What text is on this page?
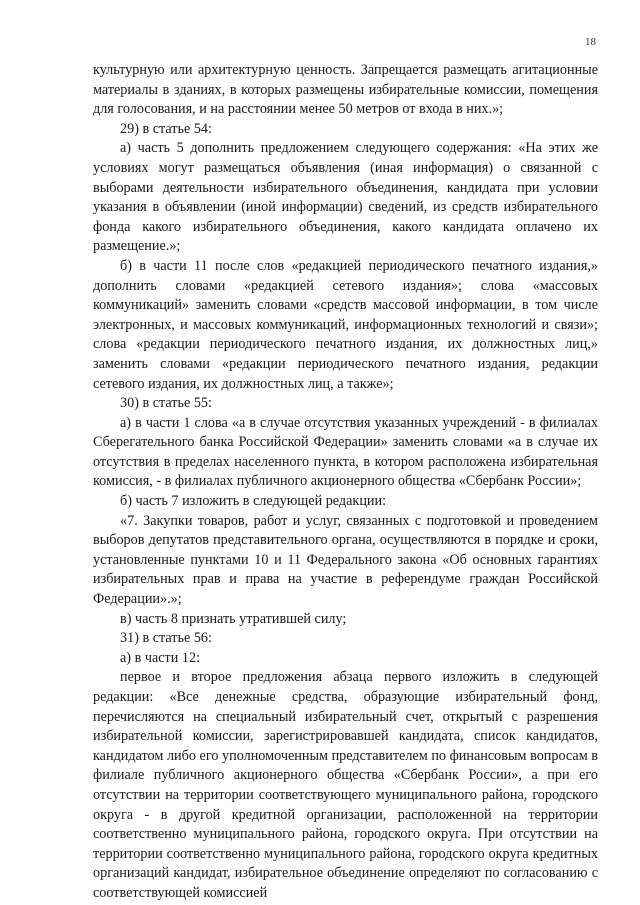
18

культурную или архитектурную ценность. Запрещается размещать агитационные материалы в зданиях, в которых размещены избирательные комиссии, помещения для голосования, и на расстоянии менее 50 метров от входа в них.»;

29) в статье 54:

а) часть 5 дополнить предложением следующего содержания: «На этих же условиях могут размещаться объявления (иная информация) о связанной с выборами деятельности избирательного объединения, кандидата при условии указания в объявлении (иной информации) сведений, из средств избирательного фонда какого избирательного объединения, какого кандидата оплачено их размещение.»;

б) в части 11 после слов «редакцией периодического печатного издания,» дополнить словами «редакцией сетевого издания»; слова «массовых коммуникаций» заменить словами «средств массовой информации, в том числе электронных, и массовых коммуникаций, информационных технологий и связи»; слова «редакции периодического печатного издания, их должностных лиц,» заменить словами «редакции периодического печатного издания, редакции сетевого издания, их должностных лиц, а также»;

30) в статье 55:

а) в части 1 слова «а в случае отсутствия указанных учреждений - в филиалах Сберегательного банка Российской Федерации» заменить словами «а в случае их отсутствия в пределах населенного пункта, в котором расположена избирательная комиссия, - в филиалах публичного акционерного общества «Сбербанк России»;

б) часть 7 изложить в следующей редакции:

«7. Закупки товаров, работ и услуг, связанных с подготовкой и проведением выборов депутатов представительного органа, осуществляются в порядке и сроки, установленные пунктами 10 и 11 Федерального закона «Об основных гарантиях избирательных прав и права на участие в референдуме граждан Российской Федерации».»;

в) часть 8 признать утратившей силу;

31) в статье 56:

а) в части 12:

первое и второе предложения абзаца первого изложить в следующей редакции: «Все денежные средства, образующие избирательный фонд, перечисляются на специальный избирательный счет, открытый с разрешения избирательной комиссии, зарегистрировавшей кандидата, список кандидатов, кандидатом либо его уполномоченным представителем по финансовым вопросам в филиале публичного акционерного общества «Сбербанк России», а при его отсутствии на территории соответствующего муниципального района, городского округа - в другой кредитной организации, расположенной на территории соответственно муниципального района, городского округа. При отсутствии на территории соответственно муниципального района, городского округа кредитных организаций кандидат, избирательное объединение определяют по согласованию с соответствующей комиссией
